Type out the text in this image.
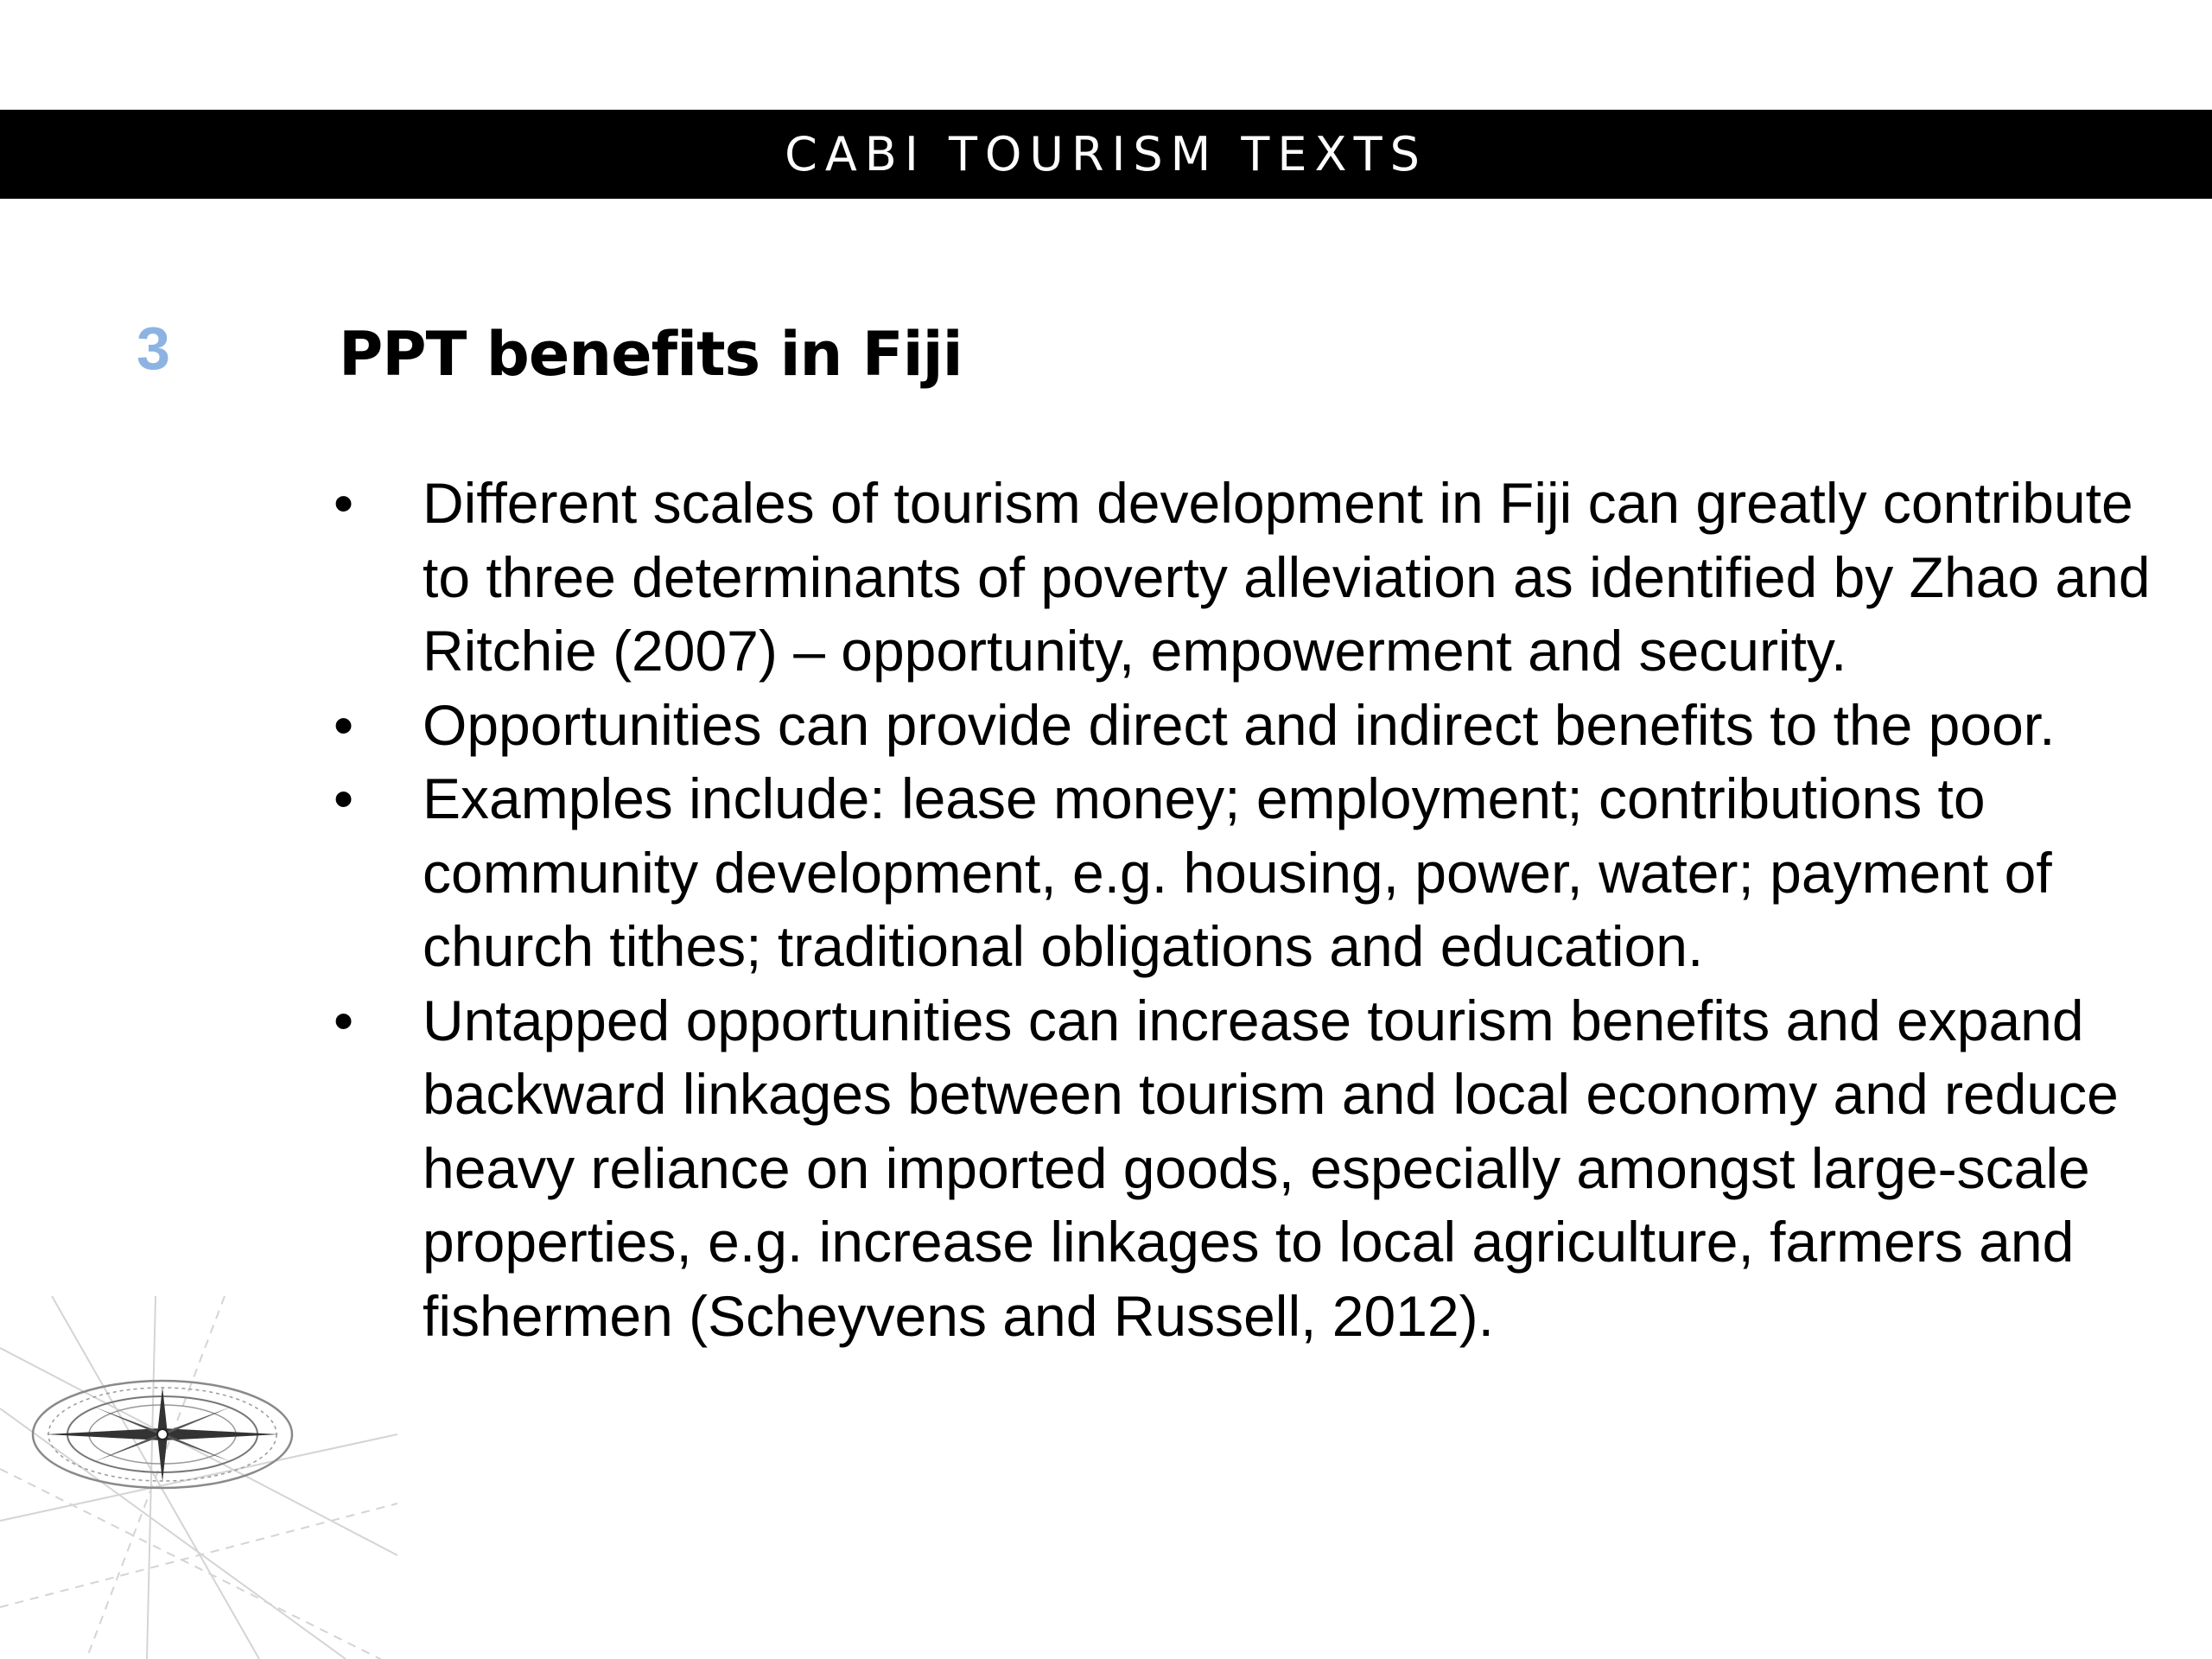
CABI TOURISM TEXTS
3	PPT benefits in Fiji
• Different scales of tourism development in Fiji can greatly contribute to three determinants of poverty alleviation as identified by Zhao and Ritchie (2007) – opportunity, empowerment and security.
• Opportunities can provide direct and indirect benefits to the poor.
• Examples include: lease money; employment; contributions to community development, e.g. housing, power, water; payment of church tithes; traditional obligations and education.
• Untapped opportunities can increase tourism benefits and expand backward linkages between tourism and local economy and reduce heavy reliance on imported goods, especially amongst large-scale properties, e.g. increase linkages to local agriculture, farmers and fishermen (Scheyvens and Russell, 2012).
